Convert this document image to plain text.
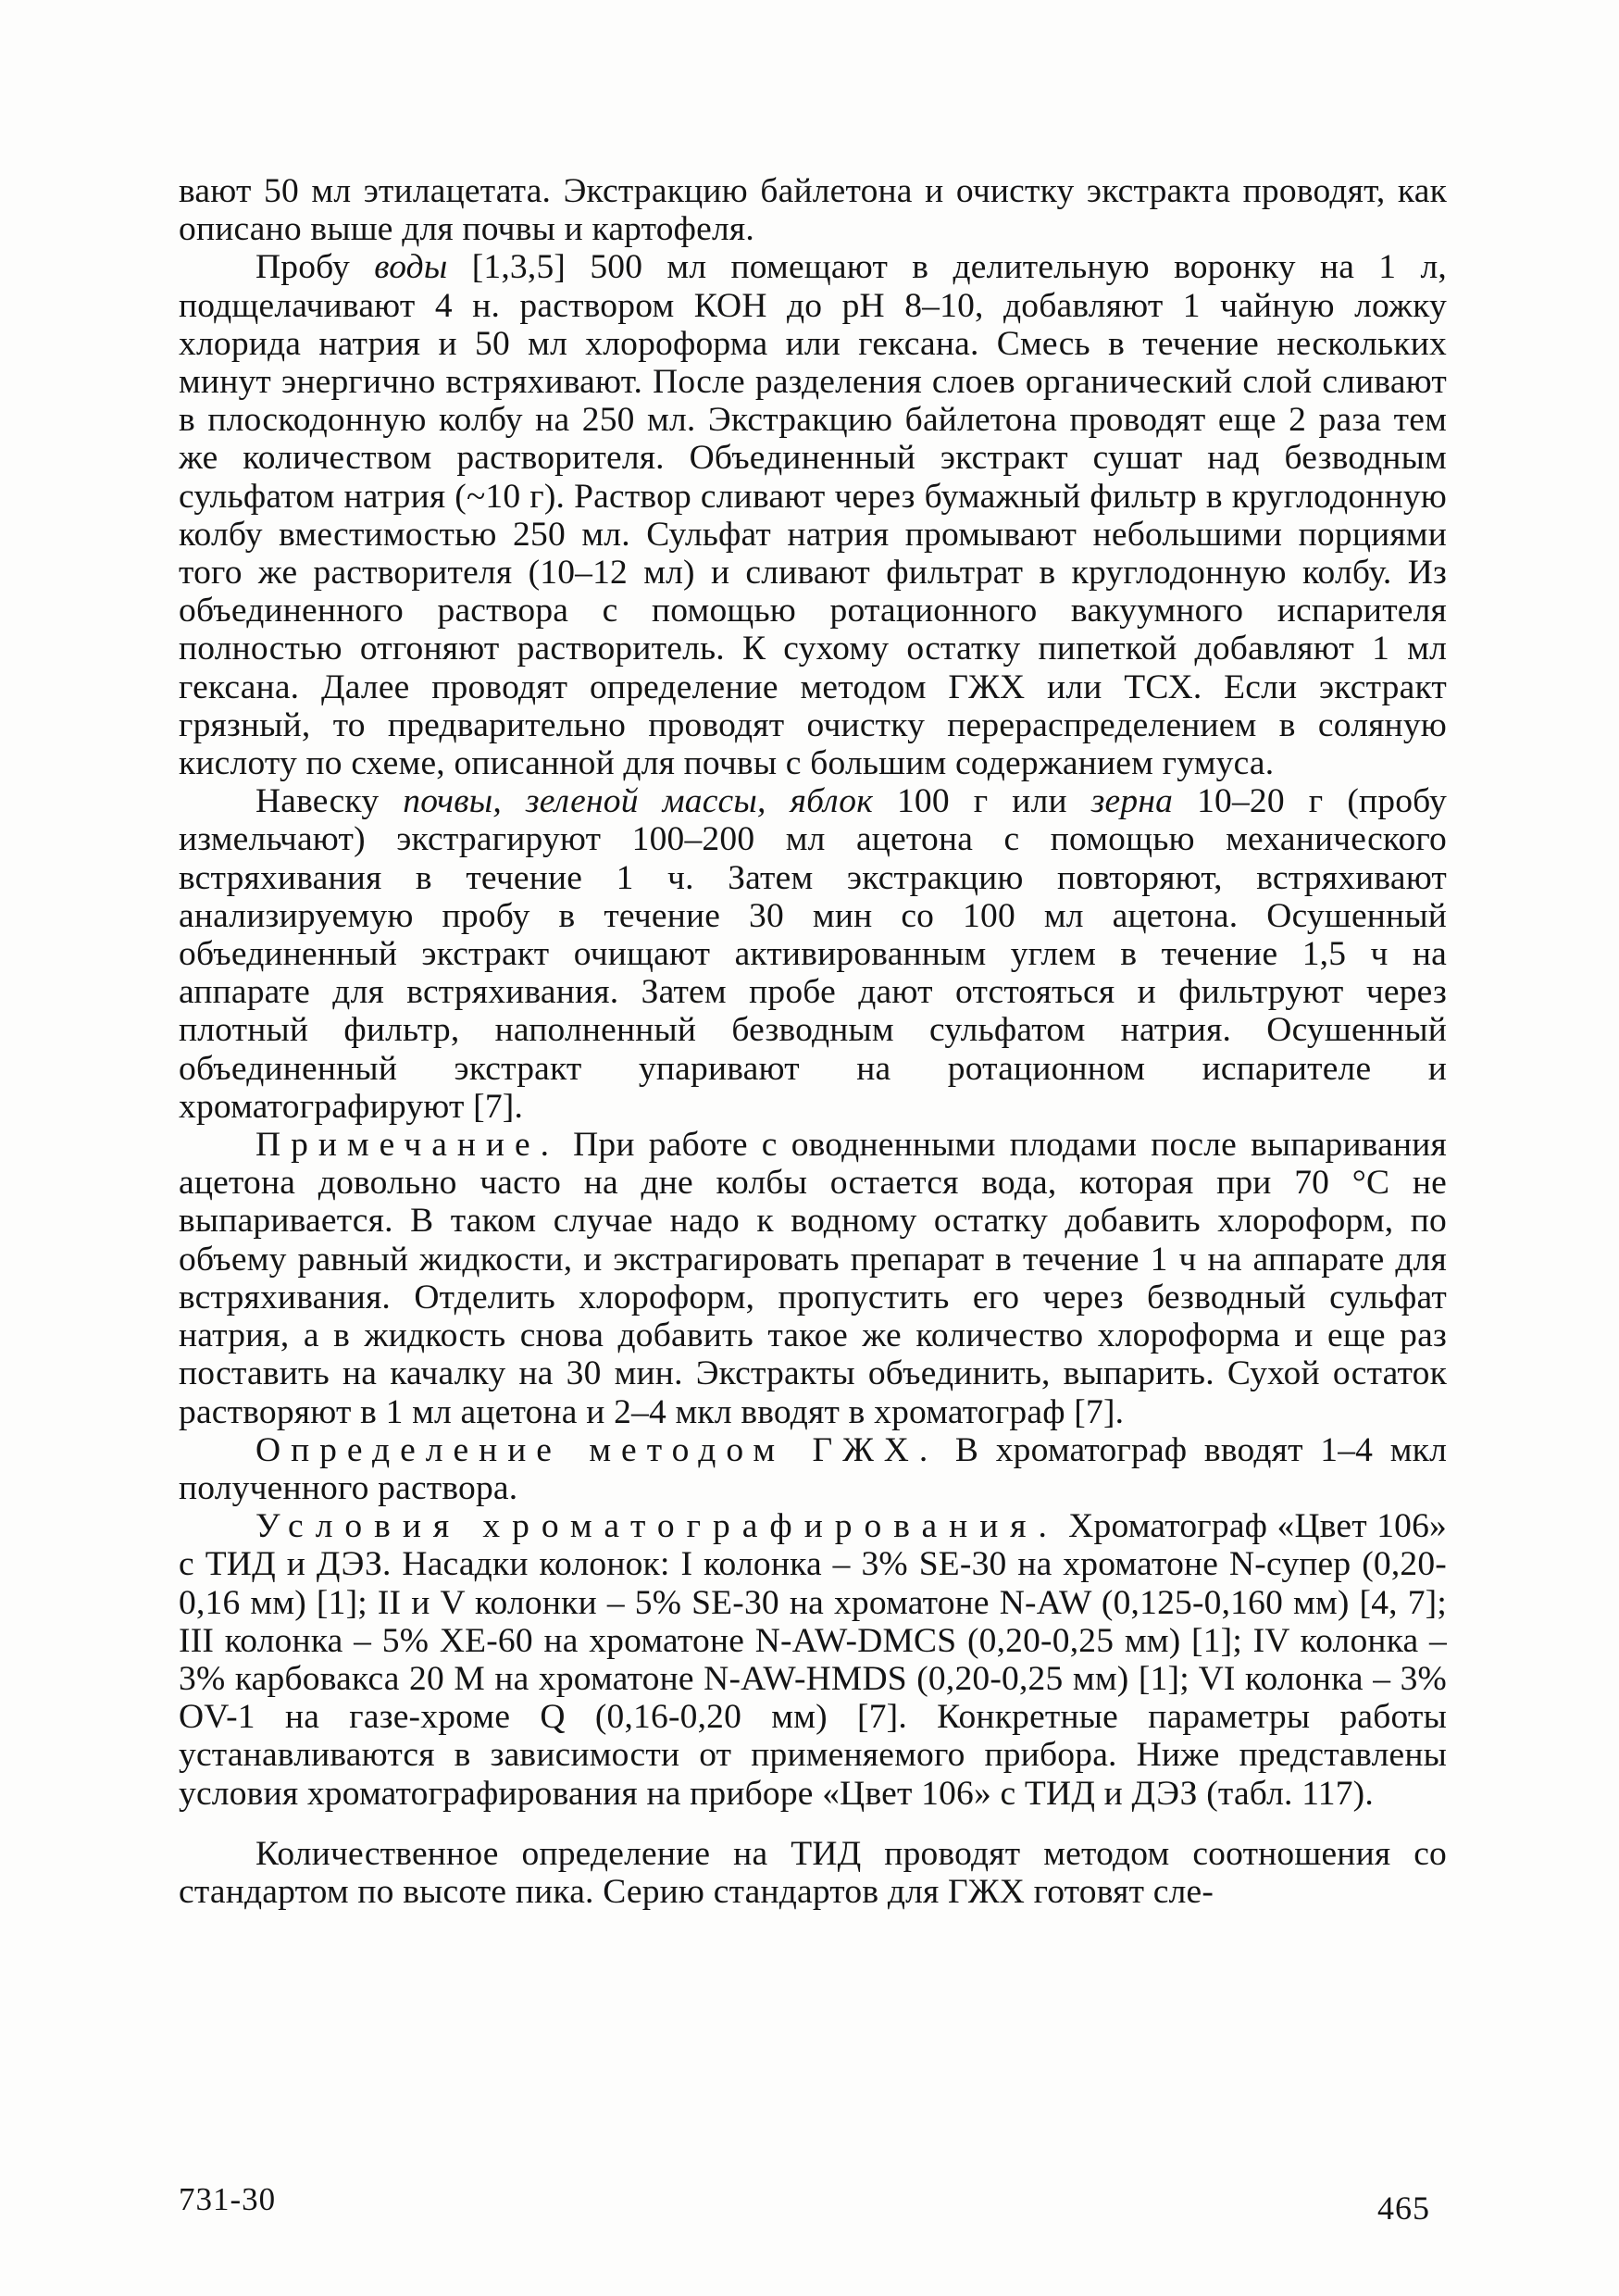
вают 50 мл этилацетата. Экстракцию байлетона и очистку экстракта проводят, как описано выше для почвы и картофеля.

Пробу воды [1,3,5] 500 мл помещают в делительную воронку на 1 л, подщелачивают 4 н. раствором КОН до рН 8–10, добавляют 1 чайную ложку хлорида натрия и 50 мл хлороформа или гексана. Смесь в течение нескольких минут энергично встряхивают. После разделения слоев органический слой сливают в плоскодонную колбу на 250 мл. Экстракцию байлетона проводят еще 2 раза тем же количеством растворителя. Объединенный экстракт сушат над безводным сульфатом натрия (~10 г). Раствор сливают через бумажный фильтр в круглодонную колбу вместимостью 250 мл. Сульфат натрия промывают небольшими порциями того же растворителя (10–12 мл) и сливают фильтрат в круглодонную колбу. Из объединенного раствора с помощью ротационного вакуумного испарителя полностью отгоняют растворитель. К сухому остатку пипеткой добавляют 1 мл гексана. Далее проводят определение методом ГЖХ или ТСХ. Если экстракт грязный, то предварительно проводят очистку перераспределением в соляную кислоту по схеме, описанной для почвы с большим содержанием гумуса.

Навеску почвы, зеленой массы, яблок 100 г или зерна 10–20 г (пробу измельчают) экстрагируют 100–200 мл ацетона с помощью механического встряхивания в течение 1 ч. Затем экстракцию повторяют, встряхивают анализируемую пробу в течение 30 мин со 100 мл ацетона. Осушенный объединенный экстракт очищают активированным углем в течение 1,5 ч на аппарате для встряхивания. Затем пробе дают отстояться и фильтруют через плотный фильтр, наполненный безводным сульфатом натрия. Осушенный объединенный экстракт упаривают на ротационном испарителе и хроматографируют [7].

Примечание. При работе с оводненными плодами после выпаривания ацетона довольно часто на дне колбы остается вода, которая при 70 °С не выпаривается. В таком случае надо к водному остатку добавить хлороформ, по объему равный жидкости, и экстрагировать препарат в течение 1 ч на аппарате для встряхивания. Отделить хлороформ, пропустить его через безводный сульфат натрия, а в жидкость снова добавить такое же количество хлороформа и еще раз поставить на качалку на 30 мин. Экстракты объединить, выпарить. Сухой остаток растворяют в 1 мл ацетона и 2–4 мкл вводят в хроматограф [7].

Определение методом ГЖХ. В хроматограф вводят 1–4 мкл полученного раствора.

Условия хроматографирования. Хроматограф «Цвет 106» с ТИД и ДЭЗ. Насадки колонок: I колонка – 3% SE-30 на хроматоне N-супер (0,20-0,16 мм) [1]; II и V колонки – 5% SE-30 на хроматоне N-AW (0,125-0,160 мм) [4, 7]; III колонка – 5% XE-60 на хроматоне N-AW-DMCS (0,20-0,25 мм) [1]; IV колонка – 3% карбовакса 20 М на хроматоне N-AW-HMDS (0,20-0,25 мм) [1]; VI колонка – 3% OV-1 на газе-хроме Q (0,16-0,20 мм) [7]. Конкретные параметры работы устанавливаются в зависимости от применяемого прибора. Ниже представлены условия хроматографирования на приборе «Цвет 106» с ТИД и ДЭЗ (табл. 117).

Количественное определение на ТИД проводят методом соотношения со стандартом по высоте пика. Серию стандартов для ГЖХ готовят сле-

731-30	465
